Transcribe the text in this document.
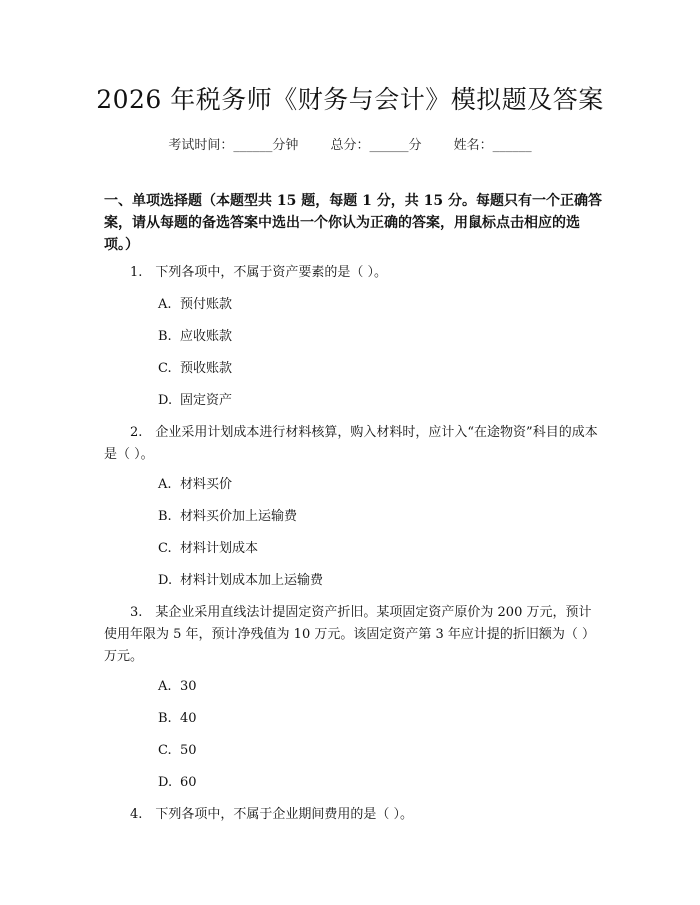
2026 年税务师《财务与会计》模拟题及答案
考试时间：______分钟 总分：______分 姓名：______
一、单项选择题（本题型共 15 题，每题 1 分，共 15 分。每题只有一个正确答案，请从每题的备选答案中选出一个你认为正确的答案，用鼠标点击相应的选项。）
1.　下列各项中，不属于资产要素的是（ ）。
A. 预付账款
B. 应收账款
C. 预收账款
D. 固定资产
2.　企业采用计划成本进行材料核算，购入材料时，应计入“在途物资”科目的成本是（ ）。
A. 材料买价
B. 材料买价加上运输费
C. 材料计划成本
D. 材料计划成本加上运输费
3.　某企业采用直线法计提固定资产折旧。某项固定资产原价为 200 万元，预计使用年限为 5 年，预计净残值为 10 万元。该固定资产第 3 年应计提的折旧额为（ ）万元。
A. 30
B. 40
C. 50
D. 60
4.　下列各项中，不属于企业期间费用的是（ ）。
